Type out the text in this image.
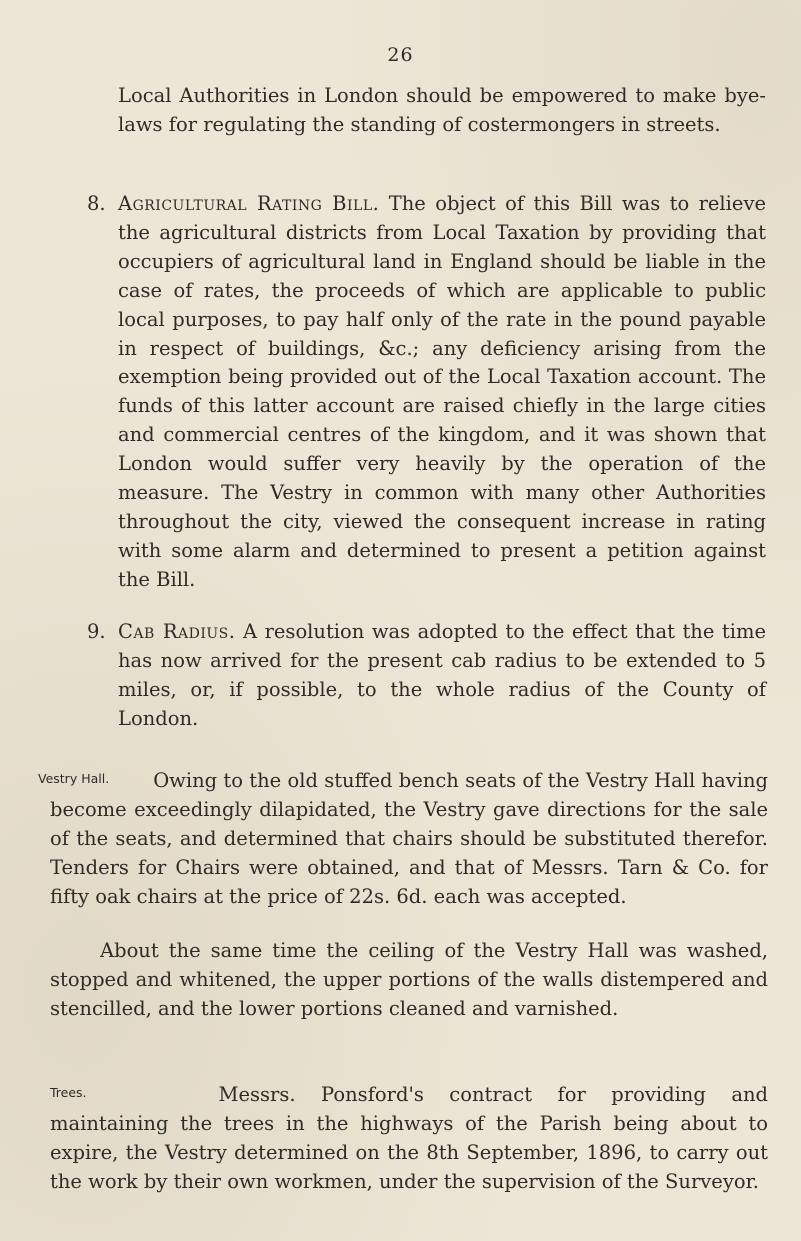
26

Local Authorities in London should be empowered to make bye-laws for regulating the standing of costermongers in streets.

8. Agricultural Rating Bill. The object of this Bill was to relieve the agricultural districts from Local Taxation by providing that occupiers of agricultural land in England should be liable in the case of rates, the proceeds of which are applicable to public local purposes, to pay half only of the rate in the pound payable in respect of buildings, &c.; any deficiency arising from the exemption being provided out of the Local Taxation account. The funds of this latter account are raised chiefly in the large cities and commercial centres of the kingdom, and it was shown that London would suffer very heavily by the operation of the measure. The Vestry in common with many other Authorities throughout the city, viewed the consequent increase in rating with some alarm and determined to present a petition against the Bill.

9. Cab Radius. A resolution was adopted to the effect that the time has now arrived for the present cab radius to be extended to 5 miles, or, if possible, to the whole radius of the County of London.

Vestry Hall. Owing to the old stuffed bench seats of the Vestry Hall having become exceedingly dilapidated, the Vestry gave directions for the sale of the seats, and determined that chairs should be substituted therefor. Tenders for Chairs were obtained, and that of Messrs. Tarn & Co. for fifty oak chairs at the price of 22s. 6d. each was accepted.

About the same time the ceiling of the Vestry Hall was washed, stopped and whitened, the upper portions of the walls distempered and stencilled, and the lower portions cleaned and varnished.

Trees.	Messrs. Ponsford's contract for providing and maintaining the trees in the highways of the Parish being about to expire, the Vestry determined on the 8th September, 1896, to carry out the work by their own workmen, under the supervision of the Surveyor.
